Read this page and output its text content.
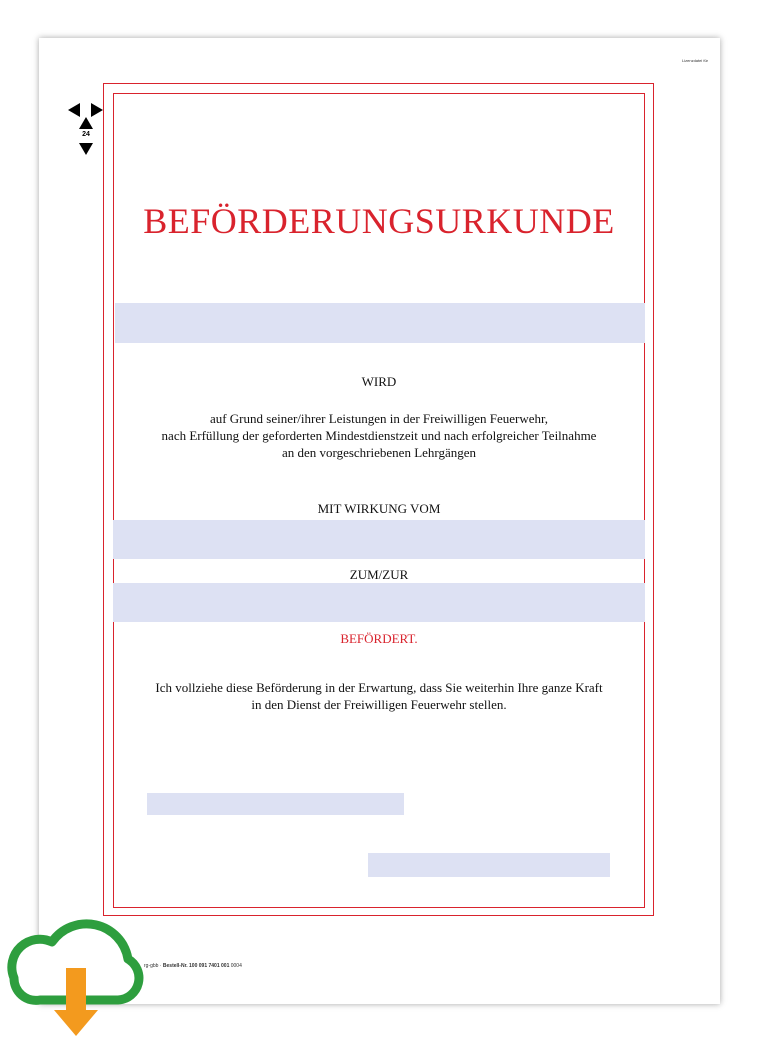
Lizenzdatei für
24
BEFÖRDERUNGSURKUNDE
WIRD
auf Grund seiner/ihrer Leistungen in der Freiwilligen Feuerwehr,
nach Erfüllung der geforderten Mindestdienstzeit und nach erfolgreicher Teilnahme
an den vorgeschriebenen Lehrgängen
MIT WIRKUNG VOM
ZUM/ZUR
BEFÖRDERT.
Ich vollziehe diese Beförderung in der Erwartung, dass Sie weiterhin Ihre ganze Kraft
in den Dienst der Freiwilligen Feuerwehr stellen.
rg-gbb · Bestell-Nr. 100 091 7401 001 0004
